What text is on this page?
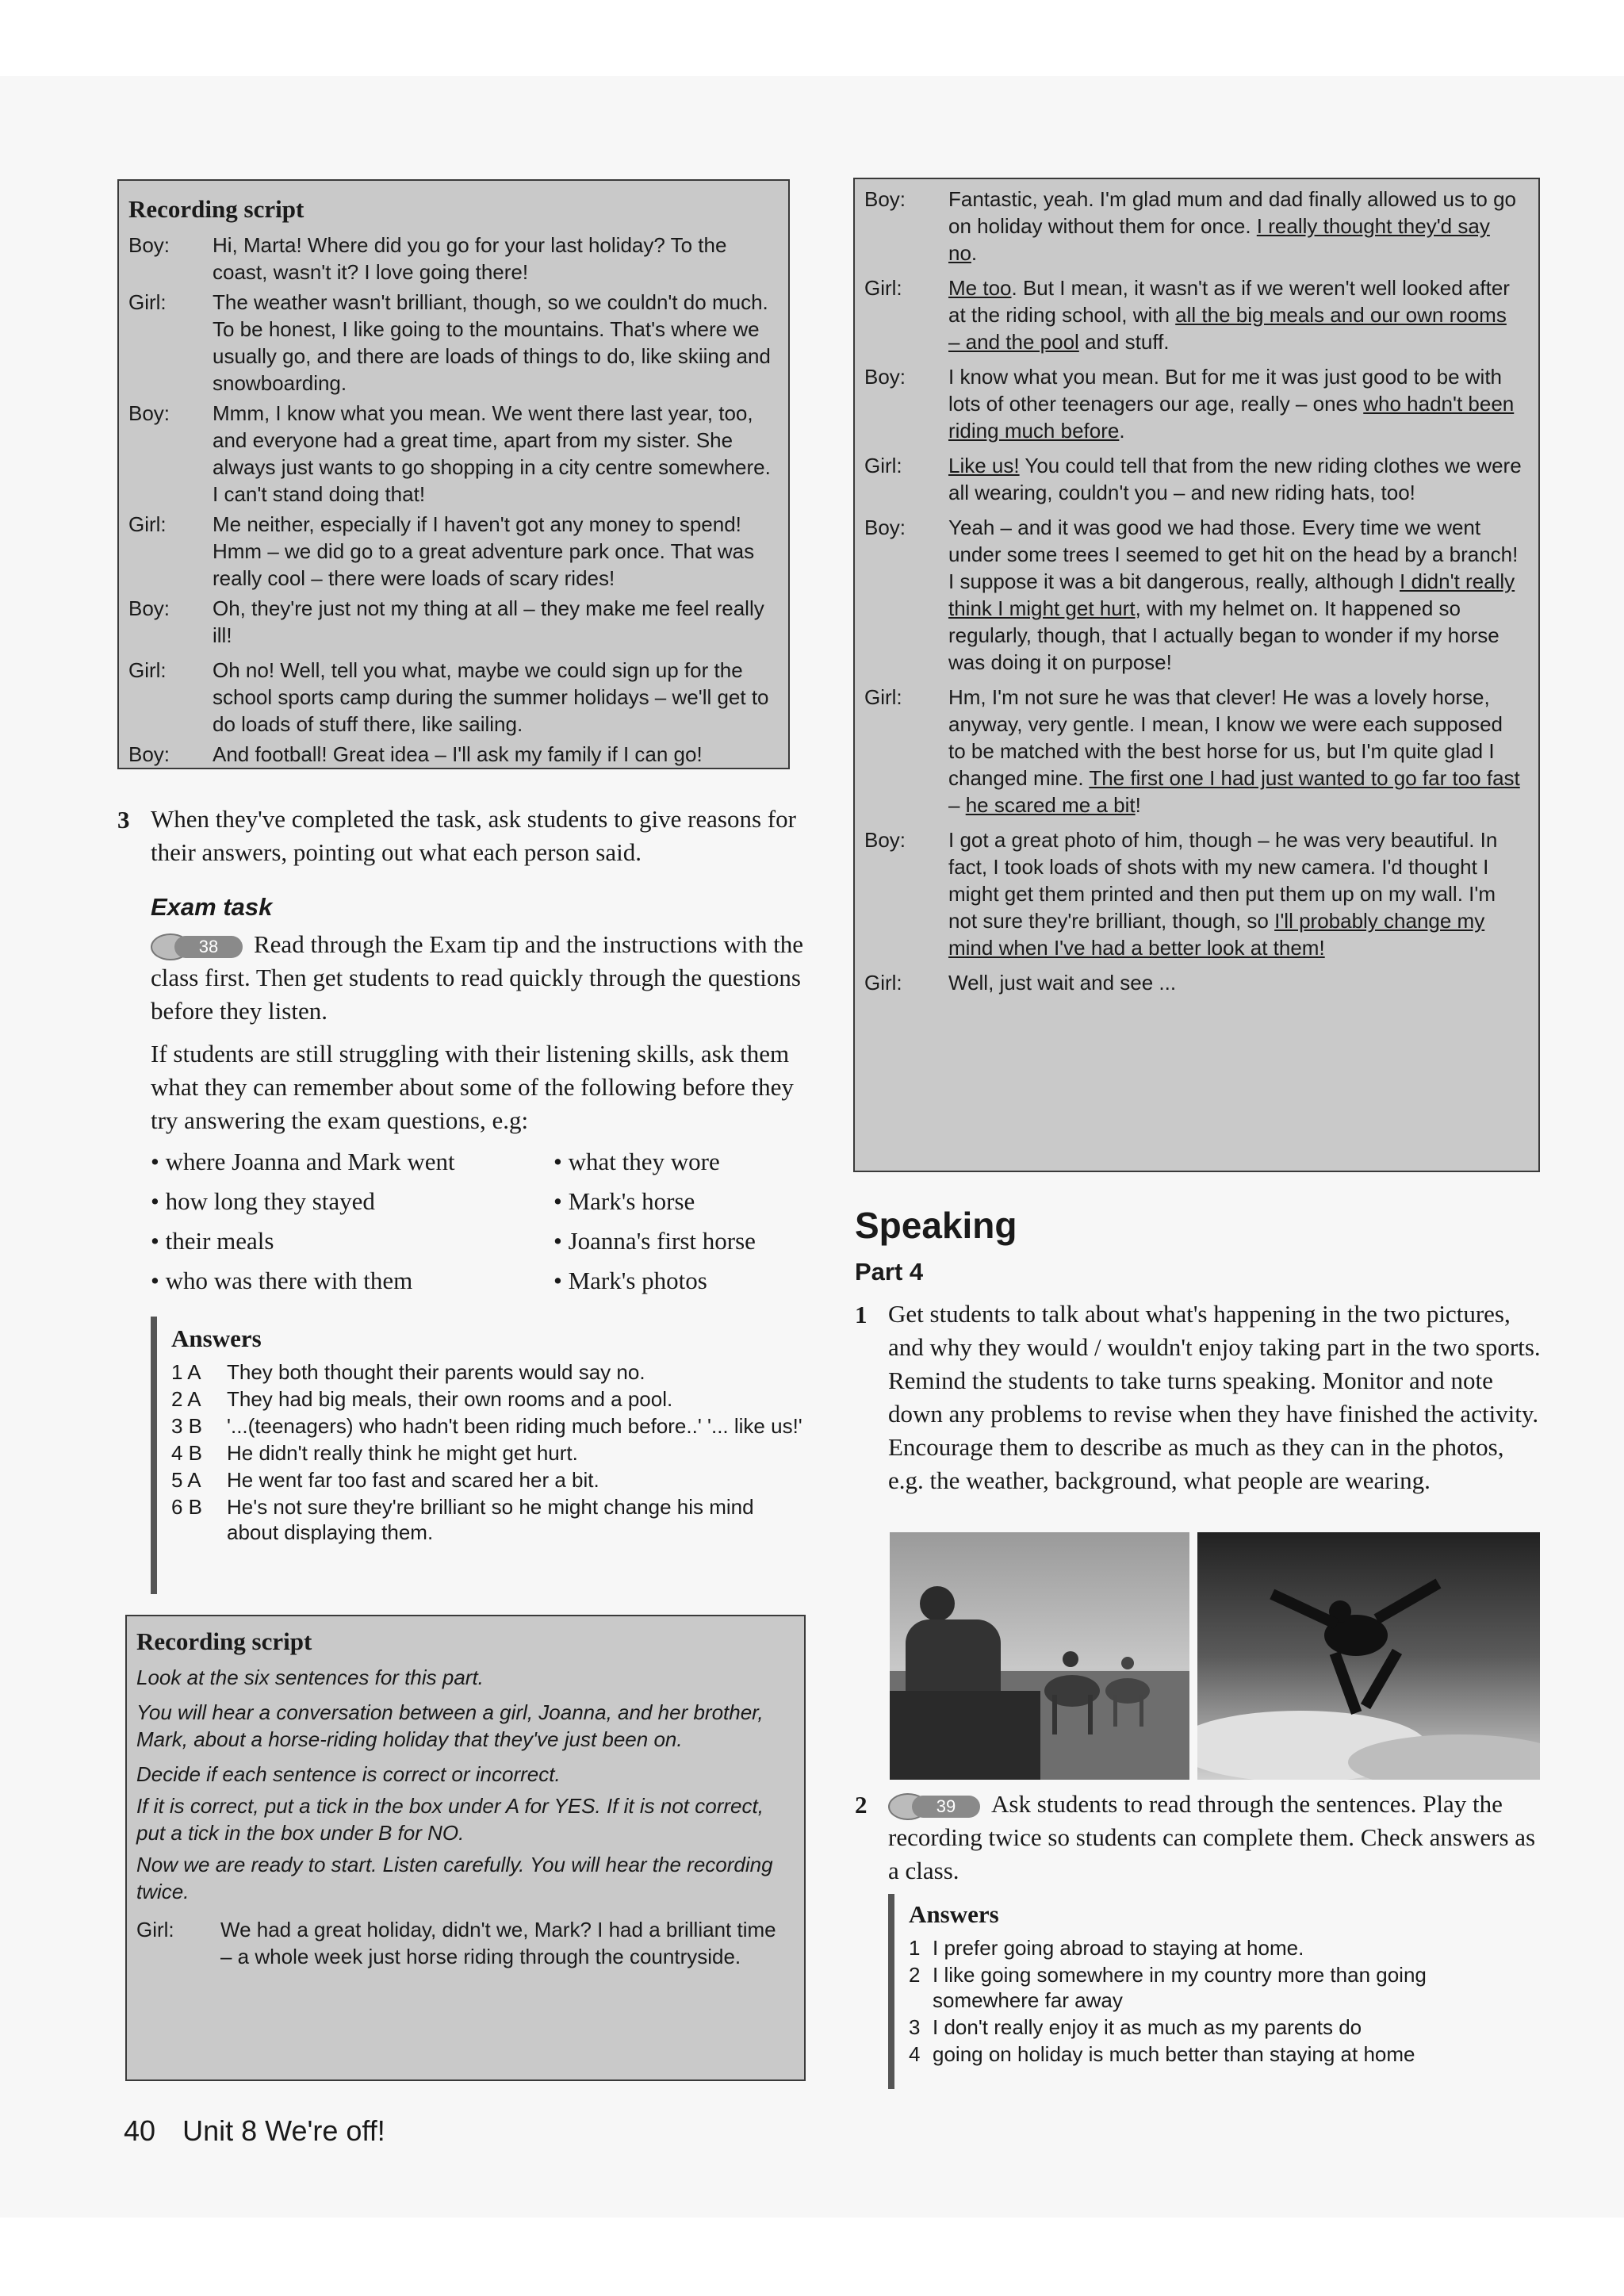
Recording script
Boy:	Hi, Marta! Where did you go for your last holiday? To the coast, wasn't it? I love going there!
Girl:	The weather wasn't brilliant, though, so we couldn't do much. To be honest, I like going to the mountains. That's where we usually go, and there are loads of things to do, like skiing and snowboarding.
Boy:	Mmm, I know what you mean. We went there last year, too, and everyone had a great time, apart from my sister. She always just wants to go shopping in a city centre somewhere. I can't stand doing that!
Girl:	Me neither, especially if I haven't got any money to spend! Hmm – we did go to a great adventure park once. That was really cool – there were loads of scary rides!
Boy:	Oh, they're just not my thing at all – they make me feel really ill!
Girl:	Oh no! Well, tell you what, maybe we could sign up for the school sports camp during the summer holidays – we'll get to do loads of stuff there, like sailing.
Boy:	And football! Great idea – I'll ask my family if I can go!
3 When they've completed the task, ask students to give reasons for their answers, pointing out what each person said.
Exam task
38	Read through the Exam tip and the instructions with the class first. Then get students to read quickly through the questions before they listen.
If students are still struggling with their listening skills, ask them what they can remember about some of the following before they try answering the exam questions, e.g:
• where Joanna and Mark went
• how long they stayed
• their meals
• who was there with them
• what they wore
• Mark's horse
• Joanna's first horse
• Mark's photos
Answers
1 A	They both thought their parents would say no.
2 A	They had big meals, their own rooms and a pool.
3 B	'...(teenagers) who hadn't been riding much before..' '... like us!'
4 B	He didn't really think he might get hurt.
5 A	He went far too fast and scared her a bit.
6 B	He's not sure they're brilliant so he might change his mind about displaying them.
Recording script
Look at the six sentences for this part.
You will hear a conversation between a girl, Joanna, and her brother, Mark, about a horse-riding holiday that they've just been on.
Decide if each sentence is correct or incorrect.
If it is correct, put a tick in the box under A for YES. If it is not correct, put a tick in the box under B for NO.
Now we are ready to start. Listen carefully. You will hear the recording twice.
Girl:	We had a great holiday, didn't we, Mark? I had a brilliant time – a whole week just horse riding through the countryside.
Boy:	Fantastic, yeah. I'm glad mum and dad finally allowed us to go on holiday without them for once. I really thought they'd say no.
Girl:	Me too. But I mean, it wasn't as if we weren't well looked after at the riding school, with all the big meals and our own rooms – and the pool and stuff.
Boy:	I know what you mean. But for me it was just good to be with lots of other teenagers our age, really – ones who hadn't been riding much before.
Girl:	Like us! You could tell that from the new riding clothes we were all wearing, couldn't you – and new riding hats, too!
Boy:	Yeah – and it was good we had those. Every time we went under some trees I seemed to get hit on the head by a branch! I suppose it was a bit dangerous, really, although I didn't really think I might get hurt, with my helmet on. It happened so regularly, though, that I actually began to wonder if my horse was doing it on purpose!
Girl:	Hm, I'm not sure he was that clever! He was a lovely horse, anyway, very gentle. I mean, I know we were each supposed to be matched with the best horse for us, but I'm quite glad I changed mine. The first one I had just wanted to go far too fast – he scared me a bit!
Boy:	I got a great photo of him, though – he was very beautiful. In fact, I took loads of shots with my new camera. I'd thought I might get them printed and then put them up on my wall. I'm not sure they're brilliant, though, so I'll probably change my mind when I've had a better look at them!
Girl:	Well, just wait and see ...
Speaking
Part 4
1 Get students to talk about what's happening in the two pictures, and why they would / wouldn't enjoy taking part in the two sports. Remind the students to take turns speaking. Monitor and note down any problems to revise when they have finished the activity. Encourage them to describe as much as they can in the photos, e.g. the weather, background, what people are wearing.
2	39	Ask students to read through the sentences. Play the recording twice so students can complete them. Check answers as a class.
Answers
1 I prefer going abroad to staying at home.
2 I like going somewhere in my country more than going somewhere far away
3 I don't really enjoy it as much as my parents do
4 going on holiday is much better than staying at home
40 Unit 8 We're off!
